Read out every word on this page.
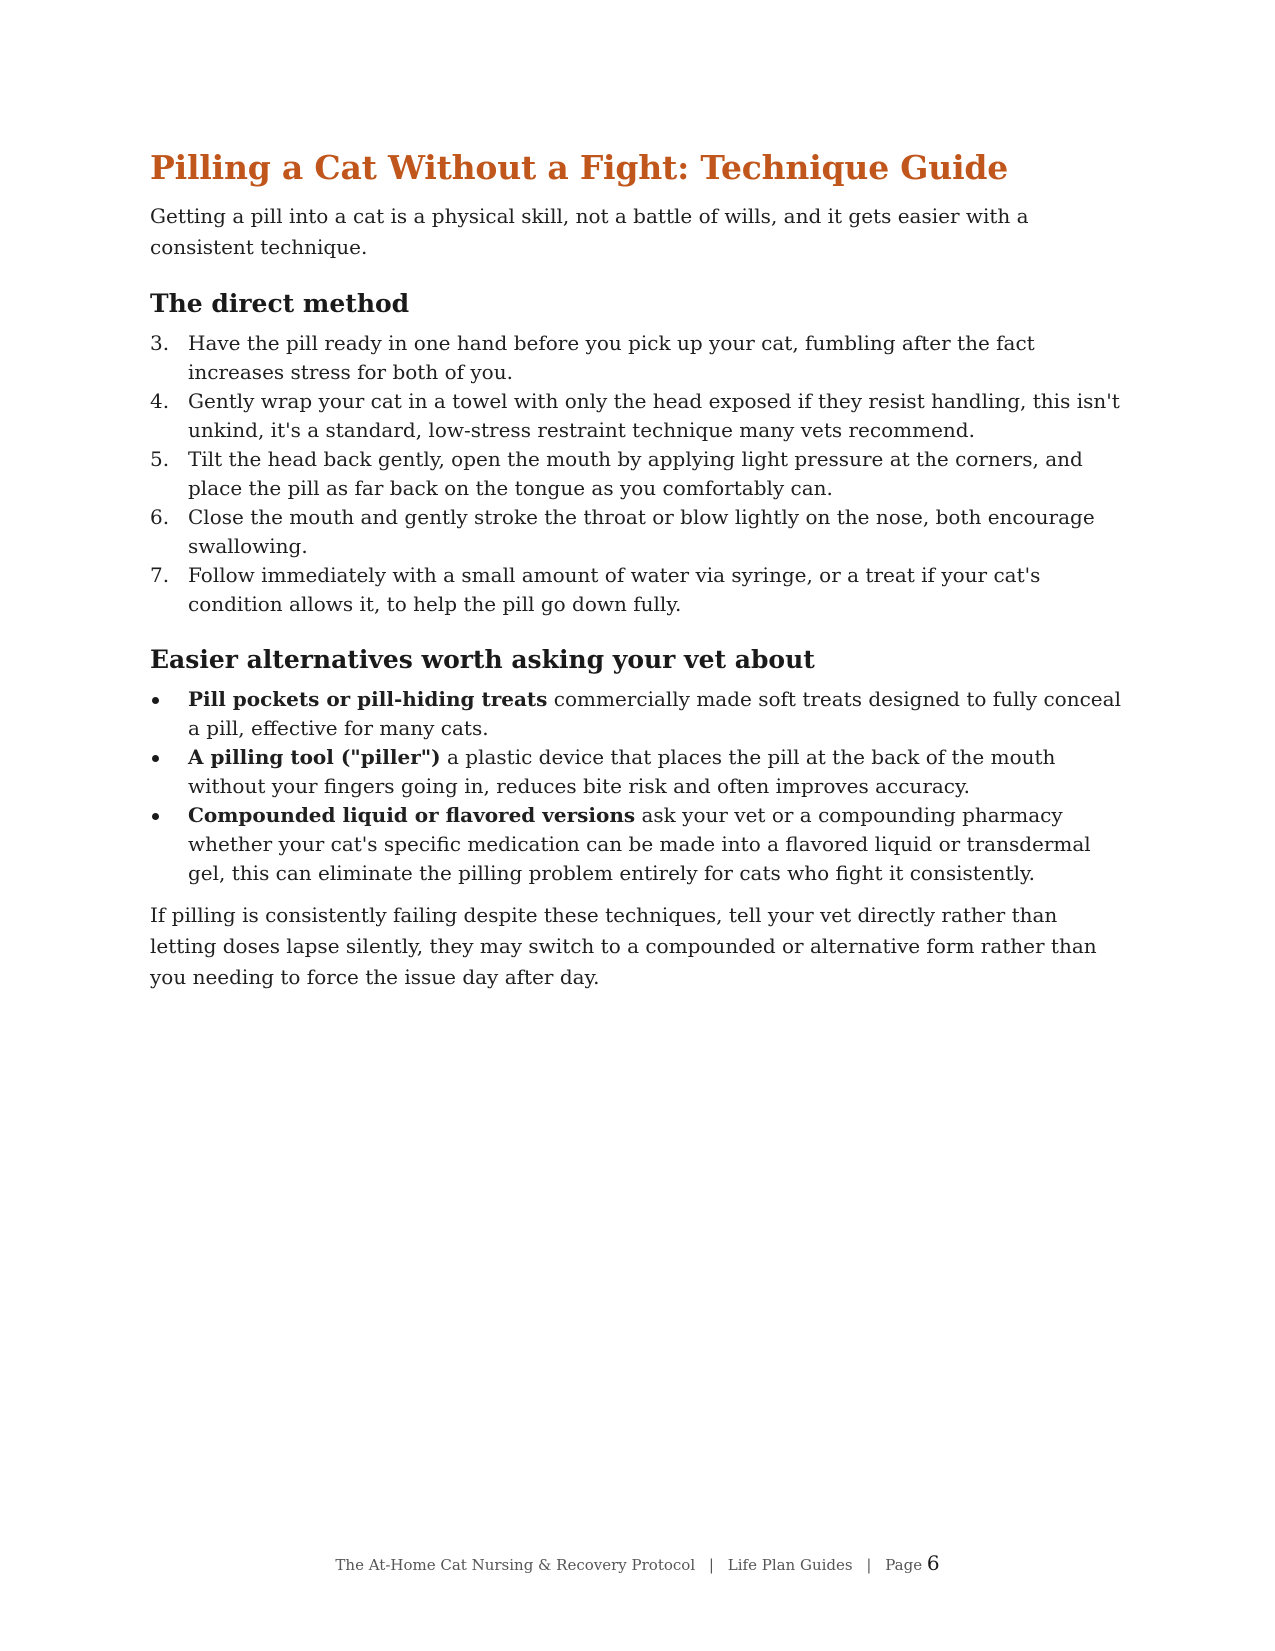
Pilling a Cat Without a Fight: Technique Guide

Getting a pill into a cat is a physical skill, not a battle of wills, and it gets easier with a consistent technique.

The direct method
3. Have the pill ready in one hand before you pick up your cat, fumbling after the fact increases stress for both of you.
4. Gently wrap your cat in a towel with only the head exposed if they resist handling, this isn't unkind, it's a standard, low-stress restraint technique many vets recommend.
5. Tilt the head back gently, open the mouth by applying light pressure at the corners, and place the pill as far back on the tongue as you comfortably can.
6. Close the mouth and gently stroke the throat or blow lightly on the nose, both encourage swallowing.
7. Follow immediately with a small amount of water via syringe, or a treat if your cat's condition allows it, to help the pill go down fully.
Easier alternatives worth asking your vet about
Pill pockets or pill-hiding treats commercially made soft treats designed to fully conceal a pill, effective for many cats.
A pilling tool ("piller") a plastic device that places the pill at the back of the mouth without your fingers going in, reduces bite risk and often improves accuracy.
Compounded liquid or flavored versions ask your vet or a compounding pharmacy whether your cat's specific medication can be made into a flavored liquid or transdermal gel, this can eliminate the pilling problem entirely for cats who fight it consistently.

If pilling is consistently failing despite these techniques, tell your vet directly rather than letting doses lapse silently, they may switch to a compounded or alternative form rather than you needing to force the issue day after day.

The At-Home Cat Nursing & Recovery Protocol | Life Plan Guides | Page 6
